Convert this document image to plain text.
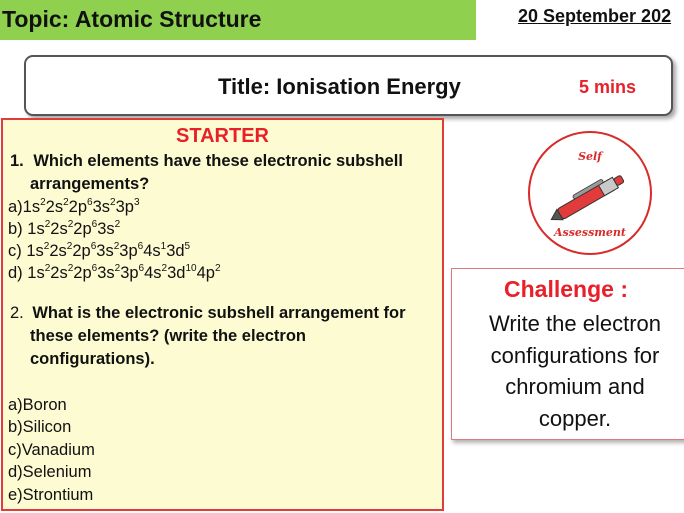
Topic: Atomic Structure	20 September 202
Title: Ionisation Energy	5 mins
STARTER
1. Which elements have these electronic subshell
arrangements?
$a)1s^22s^22p^63s^23p^3$
b) $1s^22s^22p^63s^2$
c) $1s^22s^22p^63s^23p^64s^13d^5$
d) $1s^22s^22p^63s^23p^64s^23d^{10}4p^2$
2. What is the electronic subshell arrangement for
these elements? (write the electron
configurations).
a)Boron
b)Silicon
c)Vanadium
d)Selenium
e)Strontium
Self
Assessment
Challenge :
Write the electron
configurations for
chromium and
copper.
